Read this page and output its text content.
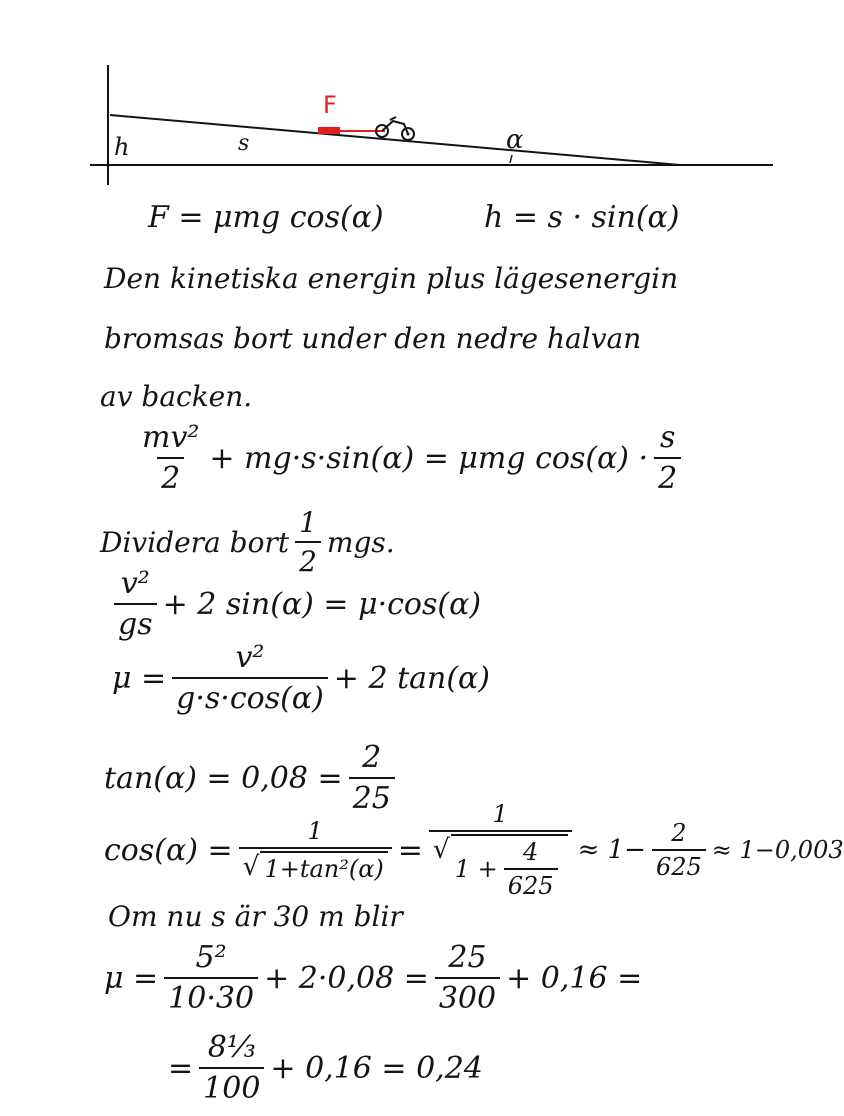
h	s
F
α
F = μmg cos(α)	h = s · sin(α)
Den kinetiska energin plus lägesenergin
bromsas bort under den nedre halvan
av backen.
$\frac{\text{mv²}}{2} + mg\cdot s\cdot\sin(\alpha) = \mu mg$ $\cos(\alpha) \cdot \frac{s}{2}$
Dividera bort $\frac{1}{2}$ mgs.
$\frac{\text{v²}}{gs} + 2$ sin(α) = μ·cos(α)
$\mu = \frac{\text{v²}}{g\cdot s\cdot\cos(\alpha)} + 2$ tan(α)
$\tan(\alpha) = 0,08 = \frac{2}{25}$
$\cos(\alpha) = \frac{1}{\text{√ 1+tan²(α)}} = 1$
√
$1 + \frac{4}{625} \approx 1- \frac{2}{625} \approx 1-0,003$
Om nu s är 30 m blir
$\mu = \frac{\text{5²}}{10\cdot 30} + 2\cdot 0,08 = \frac{25}{300} + 0,16$ =
= $\frac{\text{8⅓}}{100} + 0,16 = 0,24$
